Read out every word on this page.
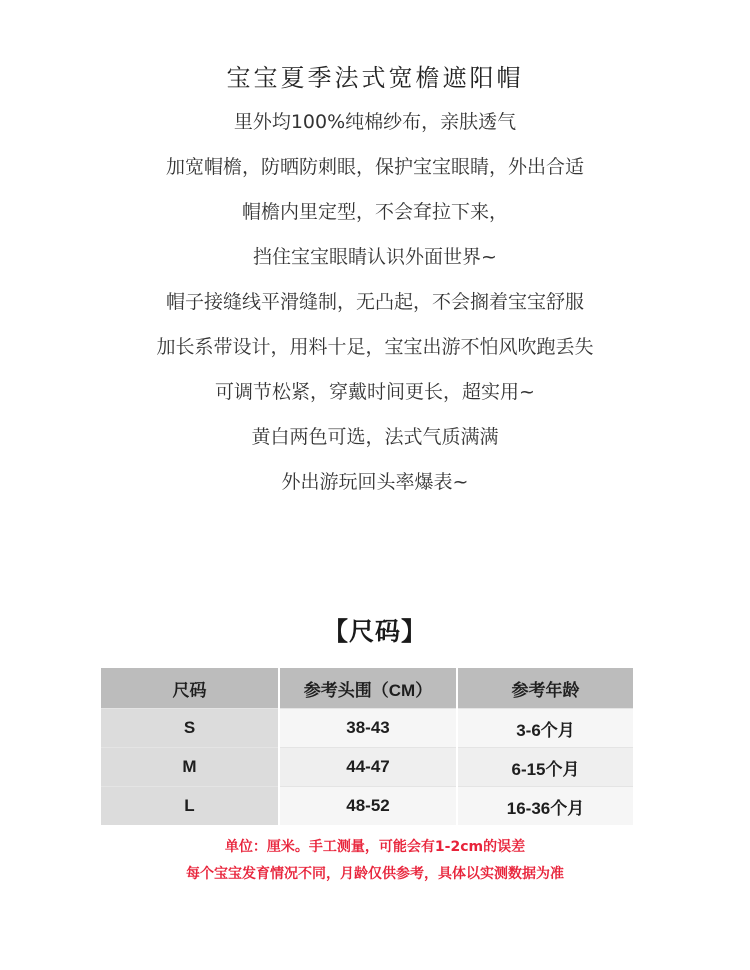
宝宝夏季法式宽檐遮阳帽
里外均100%纯棉纱布，亲肤透气
加宽帽檐，防晒防刺眼，保护宝宝眼睛，外出合适
帽檐内里定型，不会耷拉下来，
挡住宝宝眼睛认识外面世界~
帽子接缝线平滑缝制，无凸起，不会搁着宝宝舒服
加长系带设计，用料十足，宝宝出游不怕风吹跑丢失
可调节松紧，穿戴时间更长，超实用~
黄白两色可选，法式气质满满
外出游玩回头率爆表~
【尺码】
尺码	参考头围（CM）	参考年龄
S	38-43	3-6个月
M	44-47	6-15个月
L	48-52	16-36个月
单位：厘米。手工测量，可能会有1-2cm的误差
每个宝宝发育情况不同，月龄仅供参考，具体以实测数据为准
